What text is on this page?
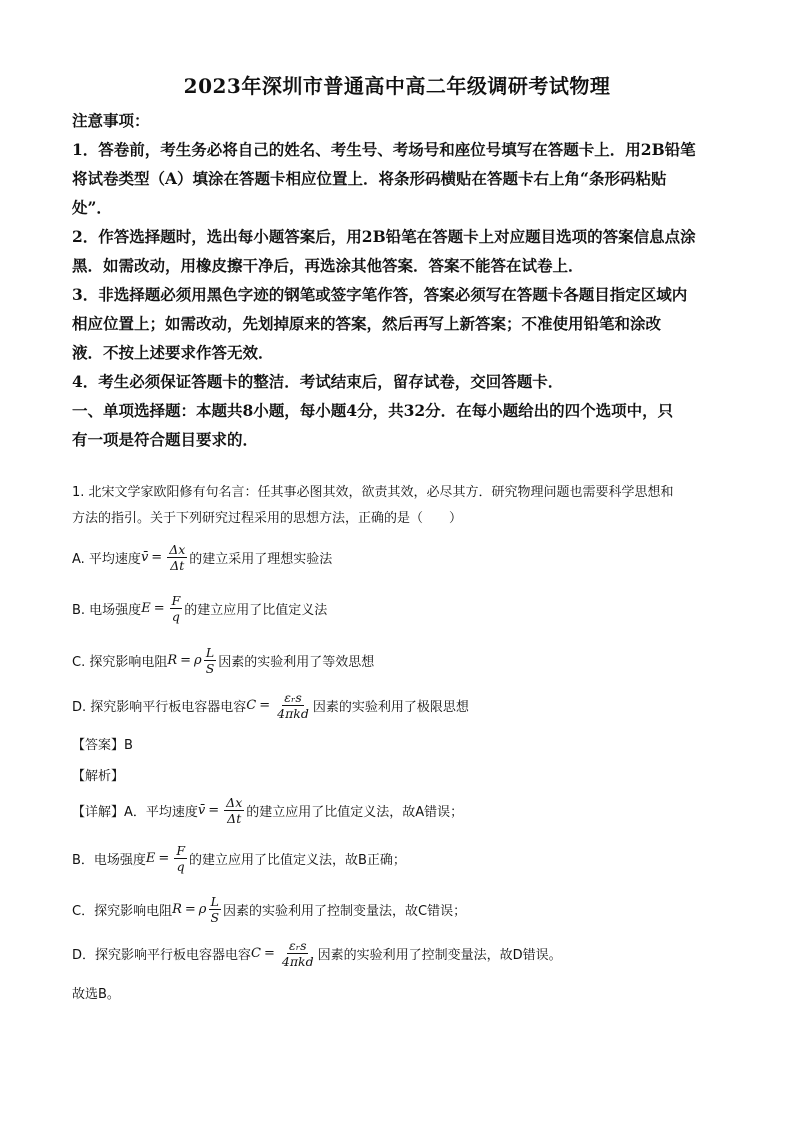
2023年深圳市普通高中高二年级调研考试物理

注意事项：

1．答卷前，考生务必将自己的姓名、考生号、考场号和座位号填写在答题卡上．用2B铅笔

将试卷类型（A）填涂在答题卡相应位置上．将条形码横贴在答题卡右上角“条形码粘贴

处”．

2．作答选择题时，选出每小题答案后，用2B铅笔在答题卡上对应题目选项的答案信息点涂

黑．如需改动，用橡皮擦干净后，再选涂其他答案．答案不能答在试卷上．

3．非选择题必须用黑色字迹的钢笔或签字笔作答，答案必须写在答题卡各题目指定区域内

相应位置上；如需改动，先划掉原来的答案，然后再写上新答案；不准使用铅笔和涂改

液．不按上述要求作答无效．

4．考生必须保证答题卡的整洁．考试结束后，留存试卷，交回答题卡．

一、单项选择题：本题共8小题，每小题4分，共32分．在每小题给出的四个选项中，只

有一项是符合题目要求的．

1. 北宋文学家欧阳修有句名言：任其事必图其效，欲责其效，必尽其方．研究物理问题也需要科学思想和

方法的指引。关于下列研究过程采用的思想方法，正确的是（　　）

A. 平均速度 v̄ = $\frac{\Delta x}{\Delta t}$ 的建立采用了理想实验法
B. 电场强度 $E = \frac{F}{q}$ 的建立应用了比值定义法
C. 探究影响电阻 R = ρ $\frac{L}{S}$ 因素的实验利用了等效思想
D. 探究影响平行板电容器电容 $C = \frac{\text{εᵣs}}{\text{4πkd}}$ 因素的实验利用了极限思想
【答案】B
【解析】
【详解】A．平均速度 v̄ = $\frac{\Delta x}{\Delta t}$ 的建立应用了比值定义法，故A错误；
B．电场强度 $E = \frac{F}{q}$ 的建立应用了比值定义法，故B正确；
C．探究影响电阻 R = ρ $\frac{L}{S}$ 因素的实验利用了控制变量法，故C错误；
D．探究影响平行板电容器电容 $C = \frac{\text{εᵣs}}{\text{4πkd}}$ 因素的实验利用了控制变量法，故D错误。
故选B。
